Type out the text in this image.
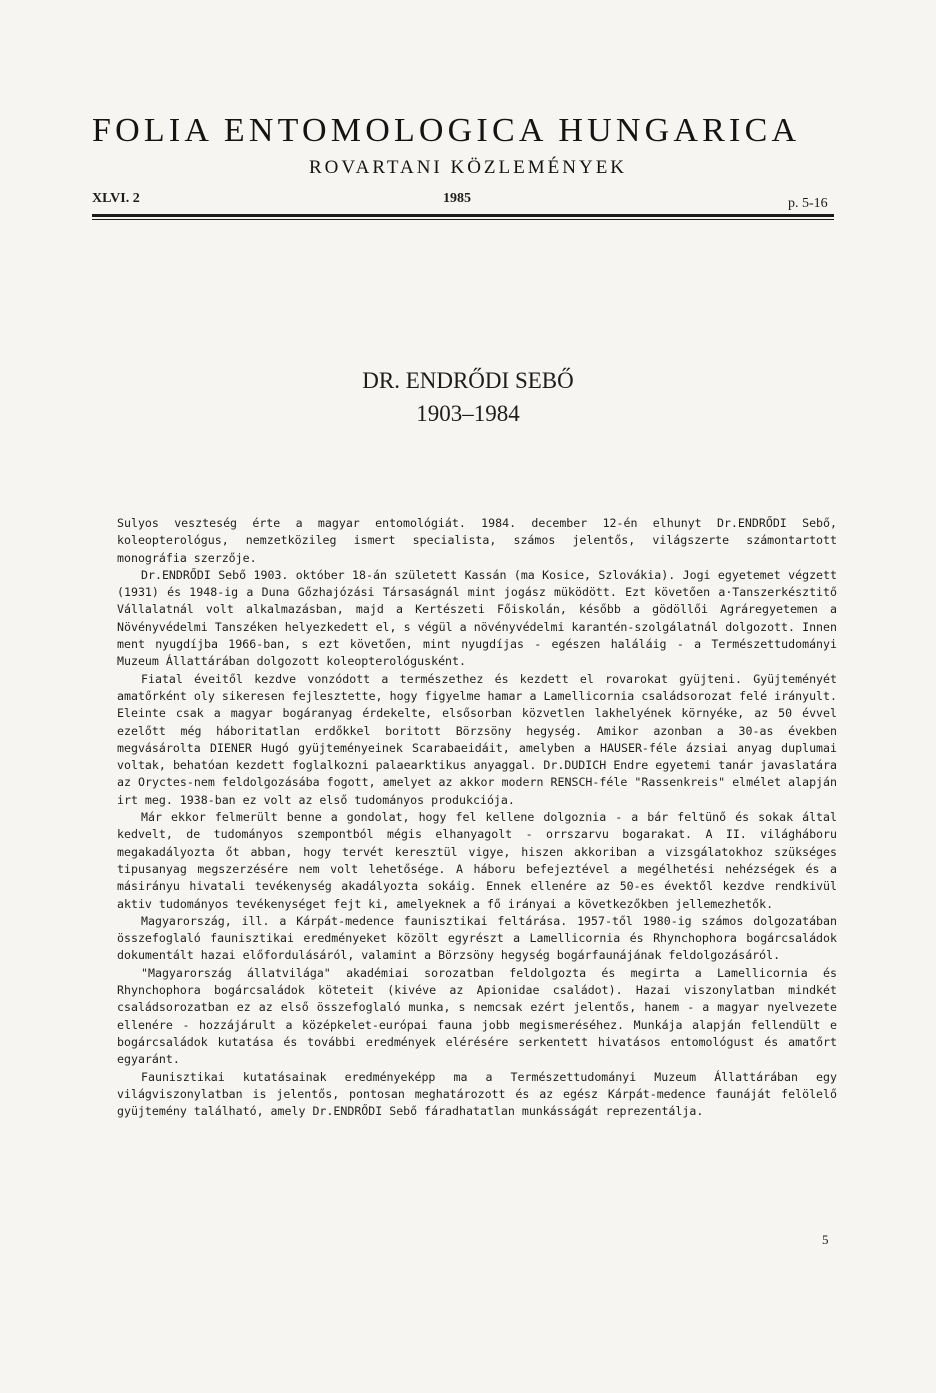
FOLIA ENTOMOLOGICA HUNGARICA
ROVARTANI KÖZLEMÉNYEK
XLVI. 2	1985	p. 5-16
DR. ENDRŐDI SEBŐ
1903–1984

Sulyos veszteség érte a magyar entomológiát. 1984. december 12-én elhunyt Dr.ENDRŐDI Sebő, koleopterológus, nemzetközileg ismert specialista, számos jelentős, világszerte számontartott monográfia szerzője.

Dr.ENDRŐDI Sebő 1903. október 18-án született Kassán (ma Kosice, Szlovákia). Jogi egyetemet végzett (1931) és 1948-ig a Duna Gőzhajózási Társaságnál mint jogász müködött. Ezt követően a·Tanszerkésztitő Vállalatnál volt alkalmazásban, majd a Kertészeti Főiskolán, később a gödöllői Agráregyetemen a Növényvédelmi Tanszéken helyezkedett el, s végül a növényvédelmi karantén-szolgálatnál dolgozott. Innen ment nyugdíjba 1966-ban, s ezt követően, mint nyugdíjas - egészen haláláig - a Természettudományi Muzeum Állattárában dolgozott koleopterológusként.

Fiatal éveitől kezdve vonzódott a természethez és kezdett el rovarokat gyüjteni. Gyüjteményét amatőrként oly sikeresen fejlesztette, hogy figyelme hamar a Lamellicornia családsorozat felé irányult. Eleinte csak a magyar bogáranyag érdekelte, elsősorban közvetlen lakhelyének környéke, az 50 évvel ezelőtt még háboritatlan erdőkkel boritott Börzsöny hegység. Amikor azonban a 30-as években megvásárolta DIENER Hugó gyüjteményeinek Scarabaeidáit, amelyben a HAUSER-féle ázsiai anyag duplumai voltak, behatóan kezdett foglalkozni palaearktikus anyaggal. Dr.DUDICH Endre egyetemi tanár javaslatára az Oryctes-nem feldolgozásába fogott, amelyet az akkor modern RENSCH-féle "Rassenkreis" elmélet alapján irt meg. 1938-ban ez volt az első tudományos produkciója.

Már ekkor felmerült benne a gondolat, hogy fel kellene dolgoznia - a bár feltünő és sokak által kedvelt, de tudományos szempontból mégis elhanyagolt - orrszarvu bogarakat. A II. világháboru megakadályozta őt abban, hogy tervét keresztül vigye, hiszen akkoriban a vizsgálatokhoz szükséges tipusanyag megszerzésére nem volt lehetősége. A háboru befejeztével a megélhetési nehézségek és a másirányu hivatali tevékenység akadályozta sokáig. Ennek ellenére az 50-es évektől kezdve rendkivül aktiv tudományos tevékenységet fejt ki, amelyeknek a fő irányai a következőkben jellemezhetők.

Magyarország, ill. a Kárpát-medence faunisztikai feltárása. 1957-től 1980-ig számos dolgozatában összefoglaló faunisztikai eredményeket közölt egyrészt a Lamellicornia és Rhynchophora bogárcsaládok dokumentált hazai előfordulásáról, valamint a Börzsöny hegység bogárfaunájának feldolgozásáról.

"Magyarország állatvilága" akadémiai sorozatban feldolgozta és megirta a Lamellicornia és Rhynchophora bogárcsaládok köteteit (kivéve az Apionidae családot). Hazai viszonylatban mindkét családsorozatban ez az első összefoglaló munka, s nemcsak ezért jelentős, hanem - a magyar nyelvezete ellenére - hozzájárult a középkelet-európai fauna jobb megismeréséhez. Munkája alapján fellendült e bogárcsaládok kutatása és további eredmények elérésére serkentett hivatásos entomológust és amatőrt egyaránt.

Faunisztikai kutatásainak eredményeképp ma a Természettudományi Muzeum Állattárában egy világviszonylatban is jelentős, pontosan meghatározott és az egész Kárpát-medence faunáját felölelő gyüjtemény található, amely Dr.ENDRŐDI Sebő fáradhatatlan munkásságát reprezentálja.

5
